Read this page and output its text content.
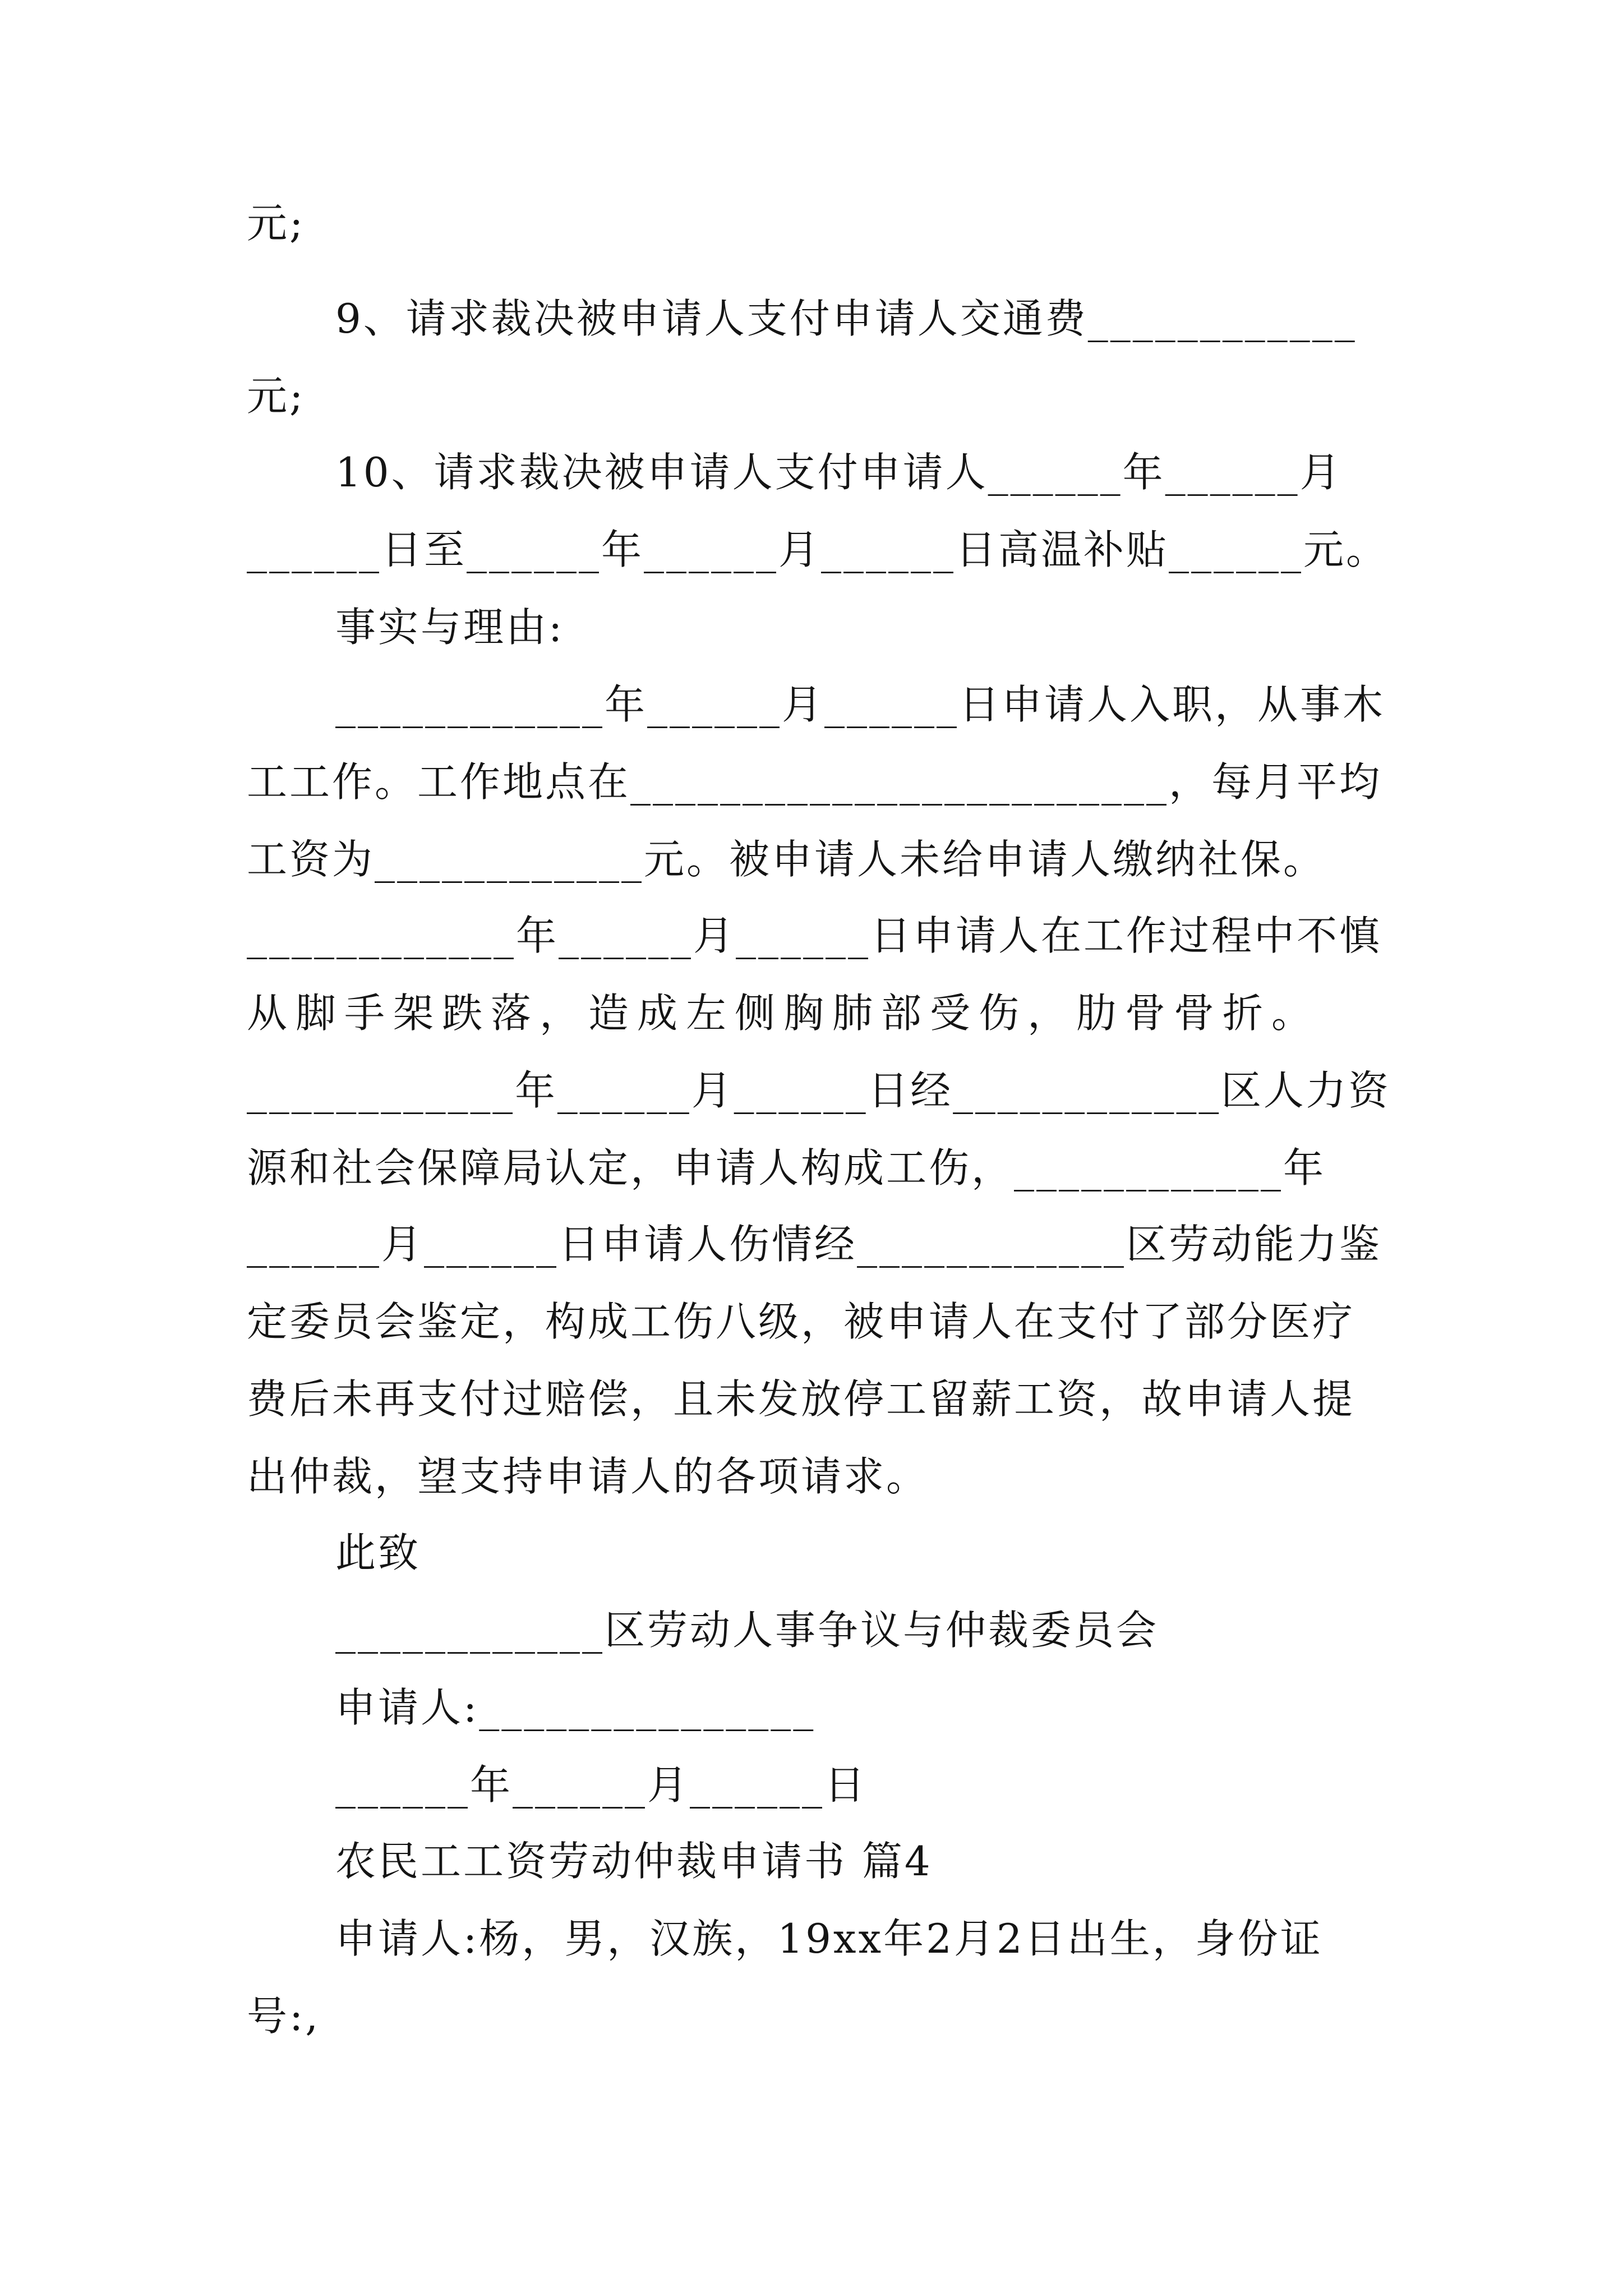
元;
9、请求裁决被申请人支付申请人交通费____________
元;
10、请求裁决被申请人支付申请人______年______月
______日至______年______月______日高温补贴______元。
事实与理由:
____________年______月______日申请人入职，从事木
工工作。工作地点在________________________，每月平均
工资为____________元。被申请人未给申请人缴纳社保。
____________年______月______日申请人在工作过程中不慎
从脚手架跌落，造成左侧胸肺部受伤，肋骨骨折。
____________年______月______日经____________区人力资
源和社会保障局认定，申请人构成工伤，____________年
______月______日申请人伤情经____________区劳动能力鉴
定委员会鉴定，构成工伤八级，被申请人在支付了部分医疗
费后未再支付过赔偿，且未发放停工留薪工资，故申请人提
出仲裁，望支持申请人的各项请求。
此致
____________区劳动人事争议与仲裁委员会
申请人:_______________
______年______月______日
农民工工资劳动仲裁申请书 篇4
申请人:杨，男，汉族，19xx年2月2日出生，身份证
号:,
